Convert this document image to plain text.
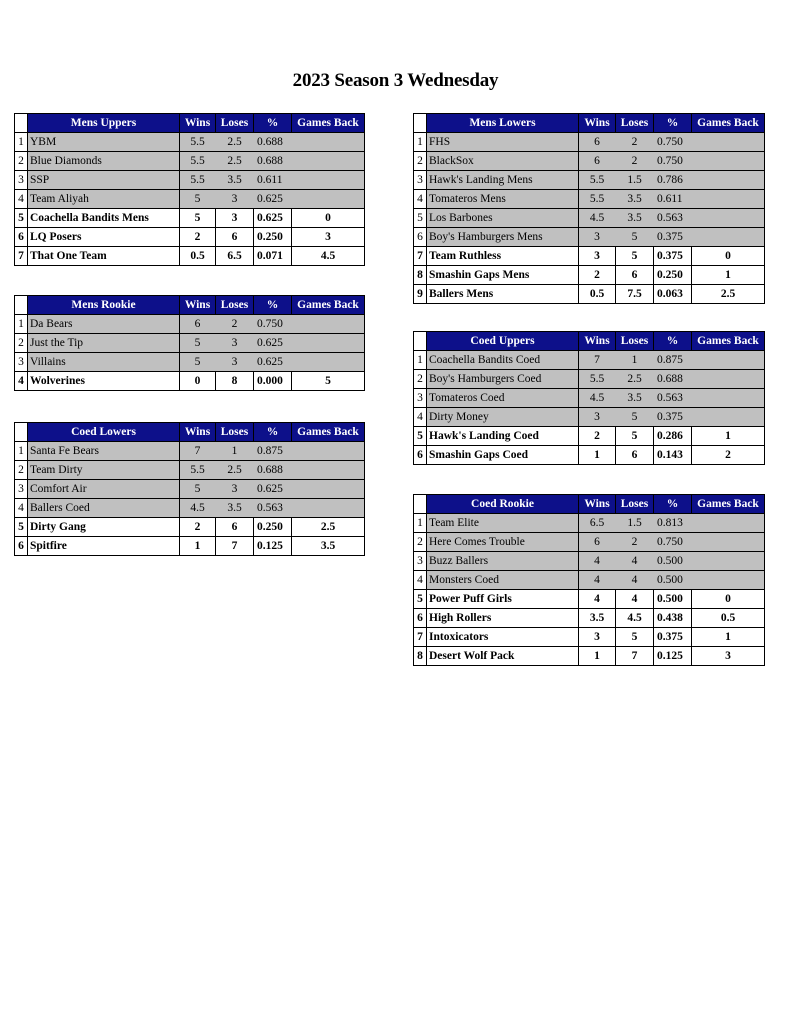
2023 Season 3 Wednesday
	Mens Uppers	Wins	Loses	%	Games Back
1	YBM	5.5	2.5	0.688	
2	Blue Diamonds	5.5	2.5	0.688	
3	SSP	5.5	3.5	0.611	
4	Team Aliyah	5	3	0.625	
5	Coachella Bandits Mens	5	3	0.625	0
6	LQ Posers	2	6	0.250	3
7	That One Team	0.5	6.5	0.071	4.5
	Mens Rookie	Wins	Loses	%	Games Back
1	Da Bears	6	2	0.750	
2	Just the Tip	5	3	0.625	
3	Villains	5	3	0.625	
4	Wolverines	0	8	0.000	5
	Coed Lowers	Wins	Loses	%	Games Back
1	Santa Fe Bears	7	1	0.875	
2	Team Dirty	5.5	2.5	0.688	
3	Comfort Air	5	3	0.625	
4	Ballers Coed	4.5	3.5	0.563	
5	Dirty Gang	2	6	0.250	2.5
6	Spitfire	1	7	0.125	3.5
	Mens Lowers	Wins	Loses	%	Games Back
1	FHS	6	2	0.750	
2	BlackSox	6	2	0.750	
3	Hawk's Landing Mens	5.5	1.5	0.786	
4	Tomateros Mens	5.5	3.5	0.611	
5	Los Barbones	4.5	3.5	0.563	
6	Boy's Hamburgers Mens	3	5	0.375	
7	Team Ruthless	3	5	0.375	0
8	Smashin Gaps Mens	2	6	0.250	1
9	Ballers Mens	0.5	7.5	0.063	2.5
	Coed Uppers	Wins	Loses	%	Games Back
1	Coachella Bandits Coed	7	1	0.875	
2	Boy's Hamburgers Coed	5.5	2.5	0.688	
3	Tomateros Coed	4.5	3.5	0.563	
4	Dirty Money	3	5	0.375	
5	Hawk's Landing Coed	2	5	0.286	1
6	Smashin Gaps Coed	1	6	0.143	2
	Coed Rookie	Wins	Loses	%	Games Back
1	Team Elite	6.5	1.5	0.813	
2	Here Comes Trouble	6	2	0.750	
3	Buzz Ballers	4	4	0.500	
4	Monsters Coed	4	4	0.500	
5	Power Puff Girls	4	4	0.500	0
6	High Rollers	3.5	4.5	0.438	0.5
7	Intoxicators	3	5	0.375	1
8	Desert Wolf Pack	1	7	0.125	3
